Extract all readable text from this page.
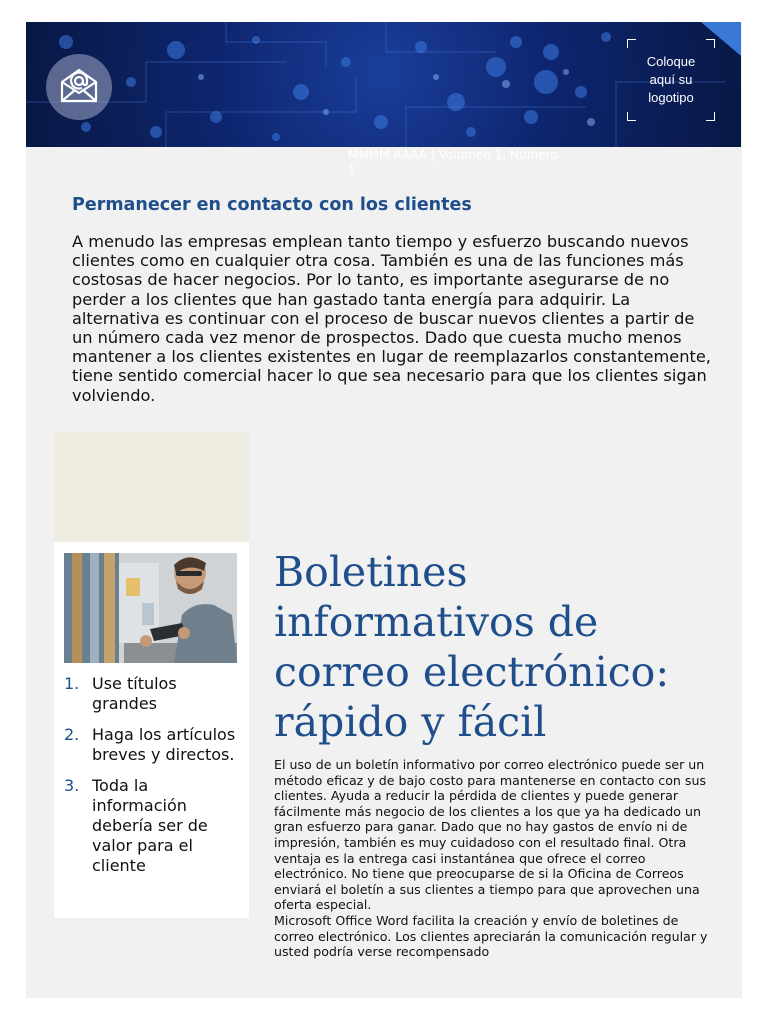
Coloque aquí su logotipo
MMMM AAAA | Volumen 1, Número 1
Permanecer en contacto con los clientes

A menudo las empresas emplean tanto tiempo y esfuerzo buscando nuevos clientes como en cualquier otra cosa. También es una de las funciones más costosas de hacer negocios. Por lo tanto, es importante asegurarse de no perder a los clientes que han gastado tanta energía para adquirir. La alternativa es continuar con el proceso de buscar nuevos clientes a partir de un número cada vez menor de prospectos. Dado que cuesta mucho menos mantener a los clientes existentes en lugar de reemplazarlos constantemente, tiene sentido comercial hacer lo que sea necesario para que los clientes sigan volviendo.

1. Use títulos grandes
2. Haga los artículos breves y directos.
3. Toda la información debería ser de valor para el cliente
Boletines informativos de correo electrónico: rápido y fácil

El uso de un boletín informativo por correo electrónico puede ser un método eficaz y de bajo costo para mantenerse en contacto con sus clientes. Ayuda a reducir la pérdida de clientes y puede generar fácilmente más negocio de los clientes a los que ya ha dedicado un gran esfuerzo para ganar. Dado que no hay gastos de envío ni de impresión, también es muy cuidadoso con el resultado final. Otra ventaja es la entrega casi instantánea que ofrece el correo electrónico. No tiene que preocuparse de si la Oficina de Correos enviará el boletín a sus clientes a tiempo para que aprovechen una oferta especial.

Microsoft Office Word facilita la creación y envío de boletines de correo electrónico. Los clientes apreciarán la comunicación regular y usted podría verse recompensado
